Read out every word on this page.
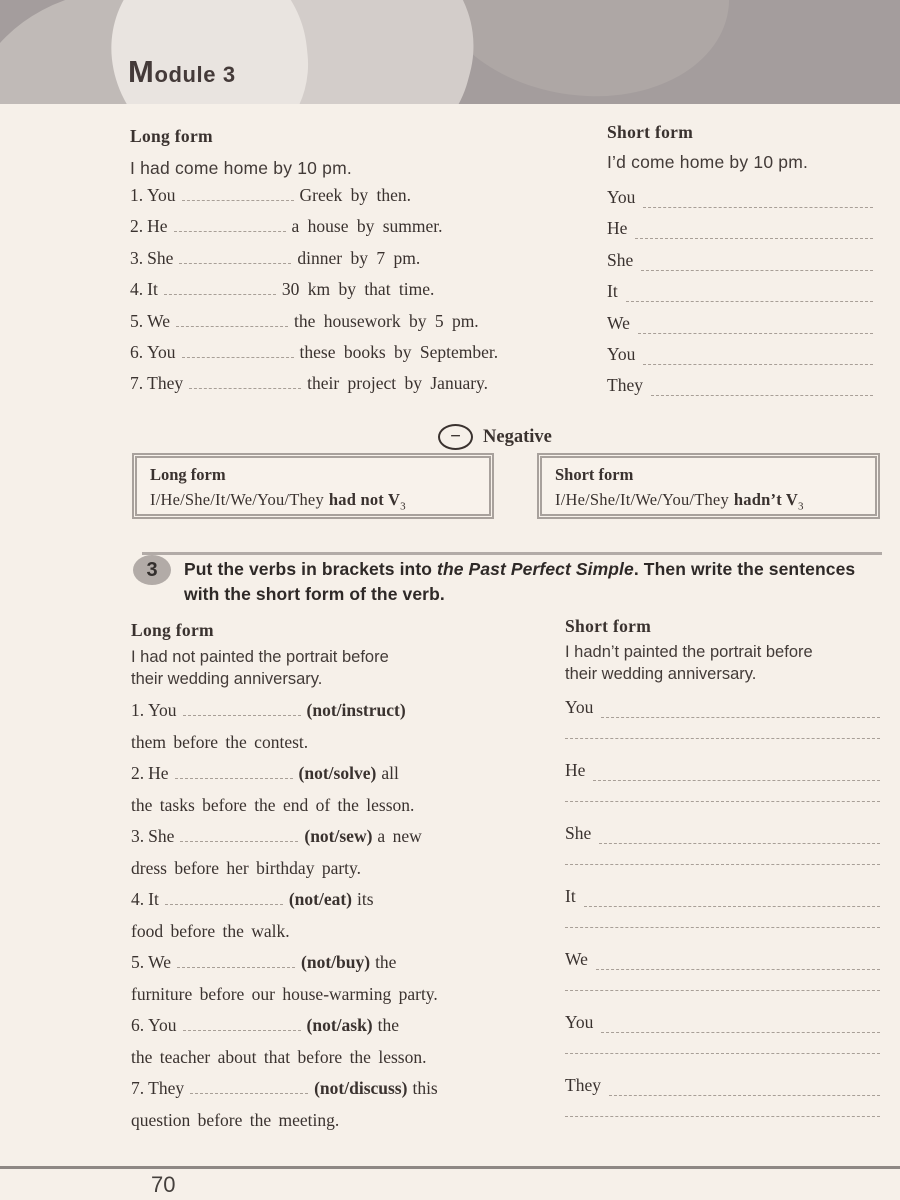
Module 3
Long form
I had come home by 10 pm.
1. You	Greek by then.
2. He	a house by summer.
3. She	dinner by 7 pm.
4. It	30 km by that time.
5. We	the housework by 5 pm.
6. You	these books by September.
7. They	their project by January.
Short form
I’d come home by 10 pm.
You
He
She
It
We
You
They
−	Negative
Long form
I/He/She/It/We/You/They had not $V_3$
Short form
I/He/She/It/We/You/They hadn’t $V_3$
3	Put the verbs in brackets into the Past Perfect Simple. Then write the sentences with the short form of the verb.
Long form
I had not painted the portrait before
their wedding anniversary.
1. You	(not/instruct)
them before the contest.
2. He	(not/solve) all
the tasks before the end of the lesson.
3. She	(not/sew) a new
dress before her birthday party.
4. It	(not/eat) its
food before the walk.
5. We	(not/buy) the
furniture before our house-warming party.
6. You	(not/ask) the
the teacher about that before the lesson.
7. They	(not/discuss) this
question before the meeting.
Short form
I hadn’t painted the portrait before
their wedding anniversary.
You
He
She
It
We
You
They
70
